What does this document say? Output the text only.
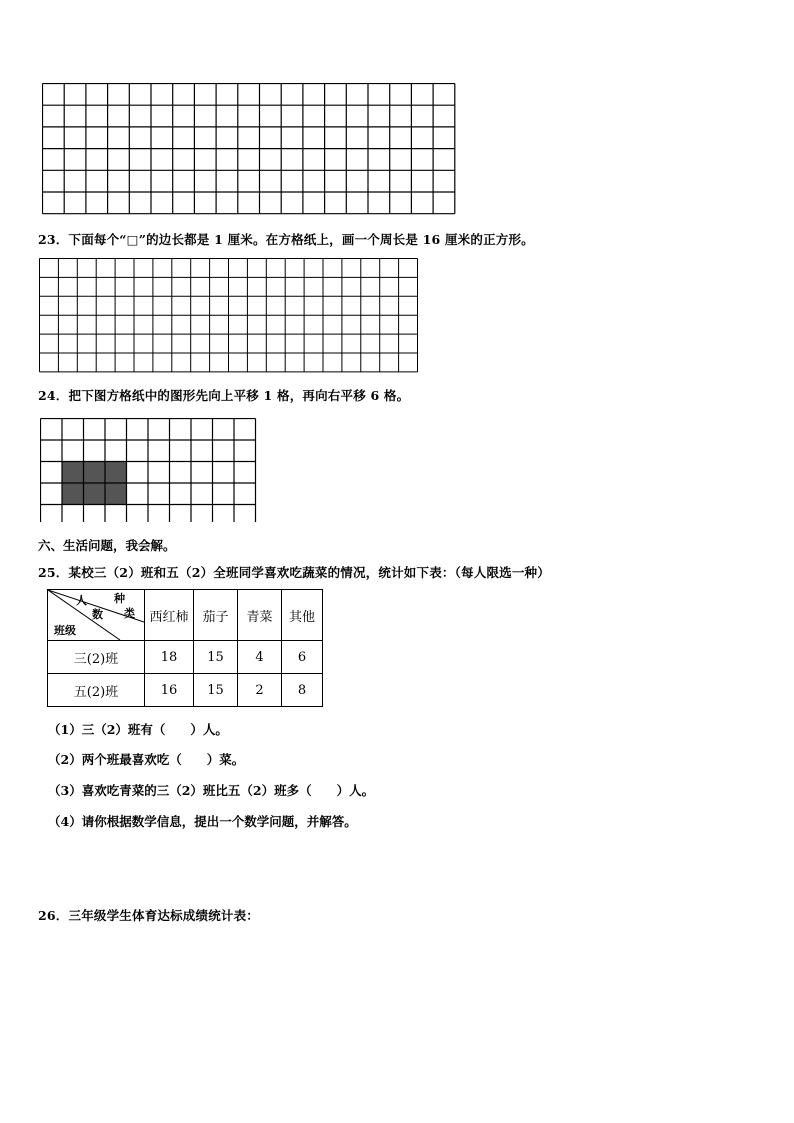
23．下面每个“□”的边长都是 1 厘米。在方格纸上，画一个周长是 16 厘米的正方形。
24．把下图方格纸中的图形先向上平移 1 格，再向右平移 6 格。
六、生活问题，我会解。
25．某校三（2）班和五（2）全班同学喜欢吃蔬菜的情况，统计如下表：（每人限选一种）
人
数
种
类
班级	西红柿	茄子	青菜	其他
三(2)班	18	15	4	6
五(2)班	16	15	2	8
（1）三（2）班有（　　）人。
（2）两个班最喜欢吃（　　）菜。
（3）喜欢吃青菜的三（2）班比五（2）班多（　　）人。
（4）请你根据数学信息，提出一个数学问题，并解答。
26．三年级学生体育达标成绩统计表：
